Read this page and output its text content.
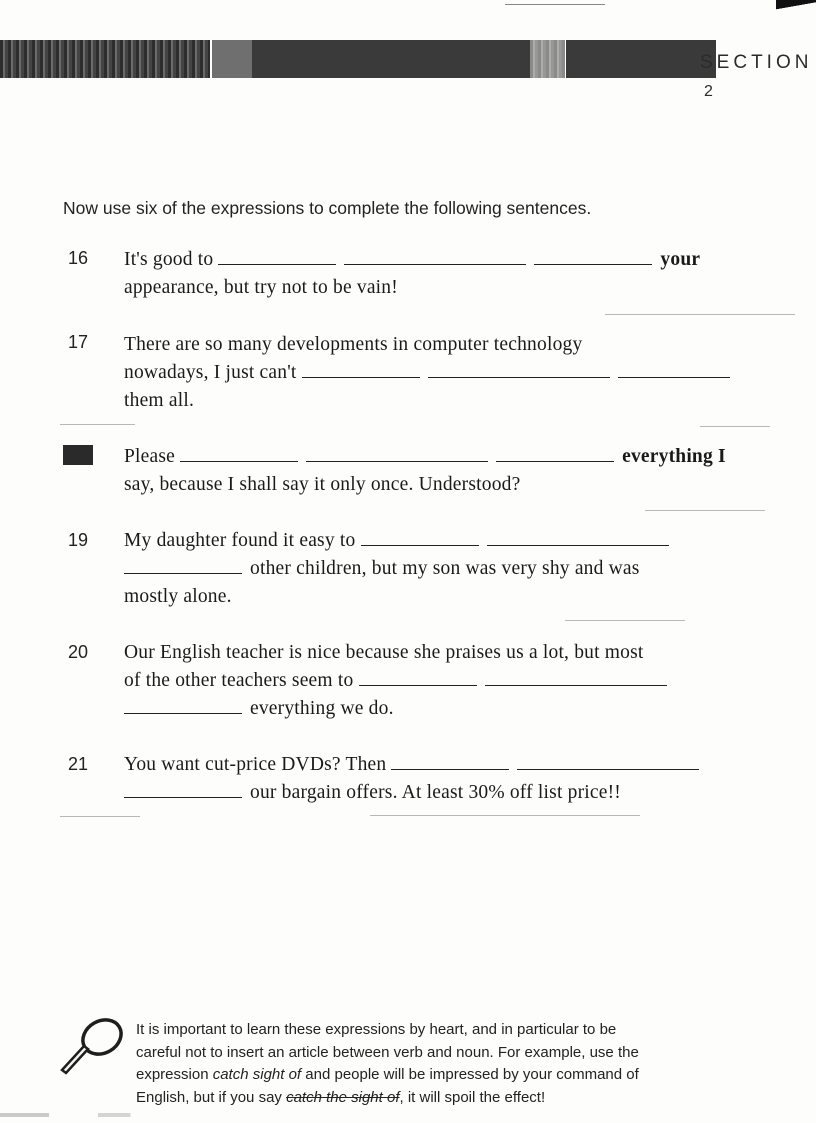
SECTION $_2$
Now use six of the expressions to complete the following sentences.
16 It's good to	your
appearance, but try not to be vain!
17 There are so many developments in computer technology
nowadays, I just can't
them all.
Please	everything I
say, because I shall say it only once. Understood?
19 My daughter found it easy to
other children, but my son was very shy and was
mostly alone.
20 Our English teacher is nice because she praises us a lot, but most
of the other teachers seem to
everything we do.
21 You want cut-price DVDs? Then
our bargain offers. At least 30% off list price!!
It is important to learn these expressions by heart, and in particular to be
careful not to insert an article between verb and noun. For example, use the
expression catch sight of and people will be impressed by your command of
English, but if you say catch the sight of, it will spoil the effect!
